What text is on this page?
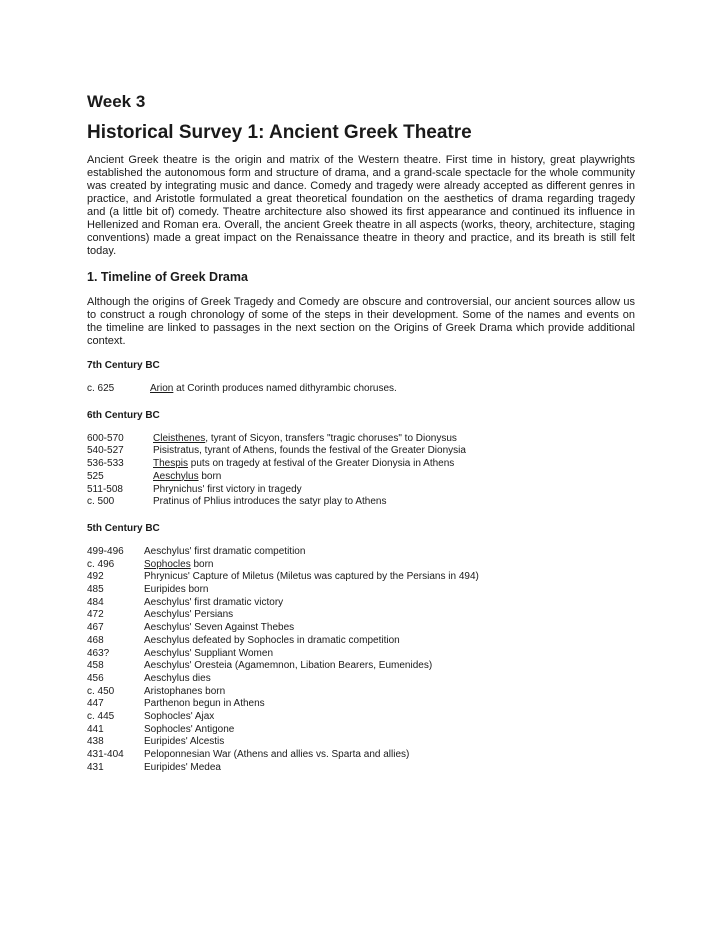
Week 3
Historical Survey 1: Ancient Greek Theatre

Ancient Greek theatre is the origin and matrix of the Western theatre. First time in history, great playwrights established the autonomous form and structure of drama, and a grand-scale spectacle for the whole community was created by integrating music and dance. Comedy and tragedy were already accepted as different genres in practice, and Aristotle formulated a great theoretical foundation on the aesthetics of drama regarding tragedy and (a little bit of) comedy. Theatre architecture also showed its first appearance and continued its influence in Hellenized and Roman era. Overall, the ancient Greek theatre in all aspects (works, theory, architecture, staging conventions) made a great impact on the Renaissance theatre in theory and practice, and its breath is still felt today.

1. Timeline of Greek Drama

Although the origins of Greek Tragedy and Comedy are obscure and controversial, our ancient sources allow us to construct a rough chronology of some of the steps in their development. Some of the names and events on the timeline are linked to passages in the next section on the Origins of Greek Drama which provide additional context.

7th Century BC
c. 625	Arion at Corinth produces named dithyrambic choruses.
6th Century BC
600-570	Cleisthenes, tyrant of Sicyon, transfers "tragic choruses" to Dionysus
540-527	Pisistratus, tyrant of Athens, founds the festival of the Greater Dionysia
536-533	Thespis puts on tragedy at festival of the Greater Dionysia in Athens
525	Aeschylus born
511-508	Phrynichus' first victory in tragedy
c. 500	Pratinus of Phlius introduces the satyr play to Athens
5th Century BC
499-496	Aeschylus' first dramatic competition
c. 496	Sophocles born
492	Phrynicus' Capture of Miletus (Miletus was captured by the Persians in 494)
485	Euripides born
484	Aeschylus' first dramatic victory
472	Aeschylus' Persians
467	Aeschylus' Seven Against Thebes
468	Aeschylus defeated by Sophocles in dramatic competition
463?	Aeschylus' Suppliant Women
458	Aeschylus' Oresteia (Agamemnon, Libation Bearers, Eumenides)
456	Aeschylus dies
c. 450	Aristophanes born
447	Parthenon begun in Athens
c. 445	Sophocles' Ajax
441	Sophocles' Antigone
438	Euripides' Alcestis
431-404	Peloponnesian War (Athens and allies vs. Sparta and allies)
431	Euripides' Medea
